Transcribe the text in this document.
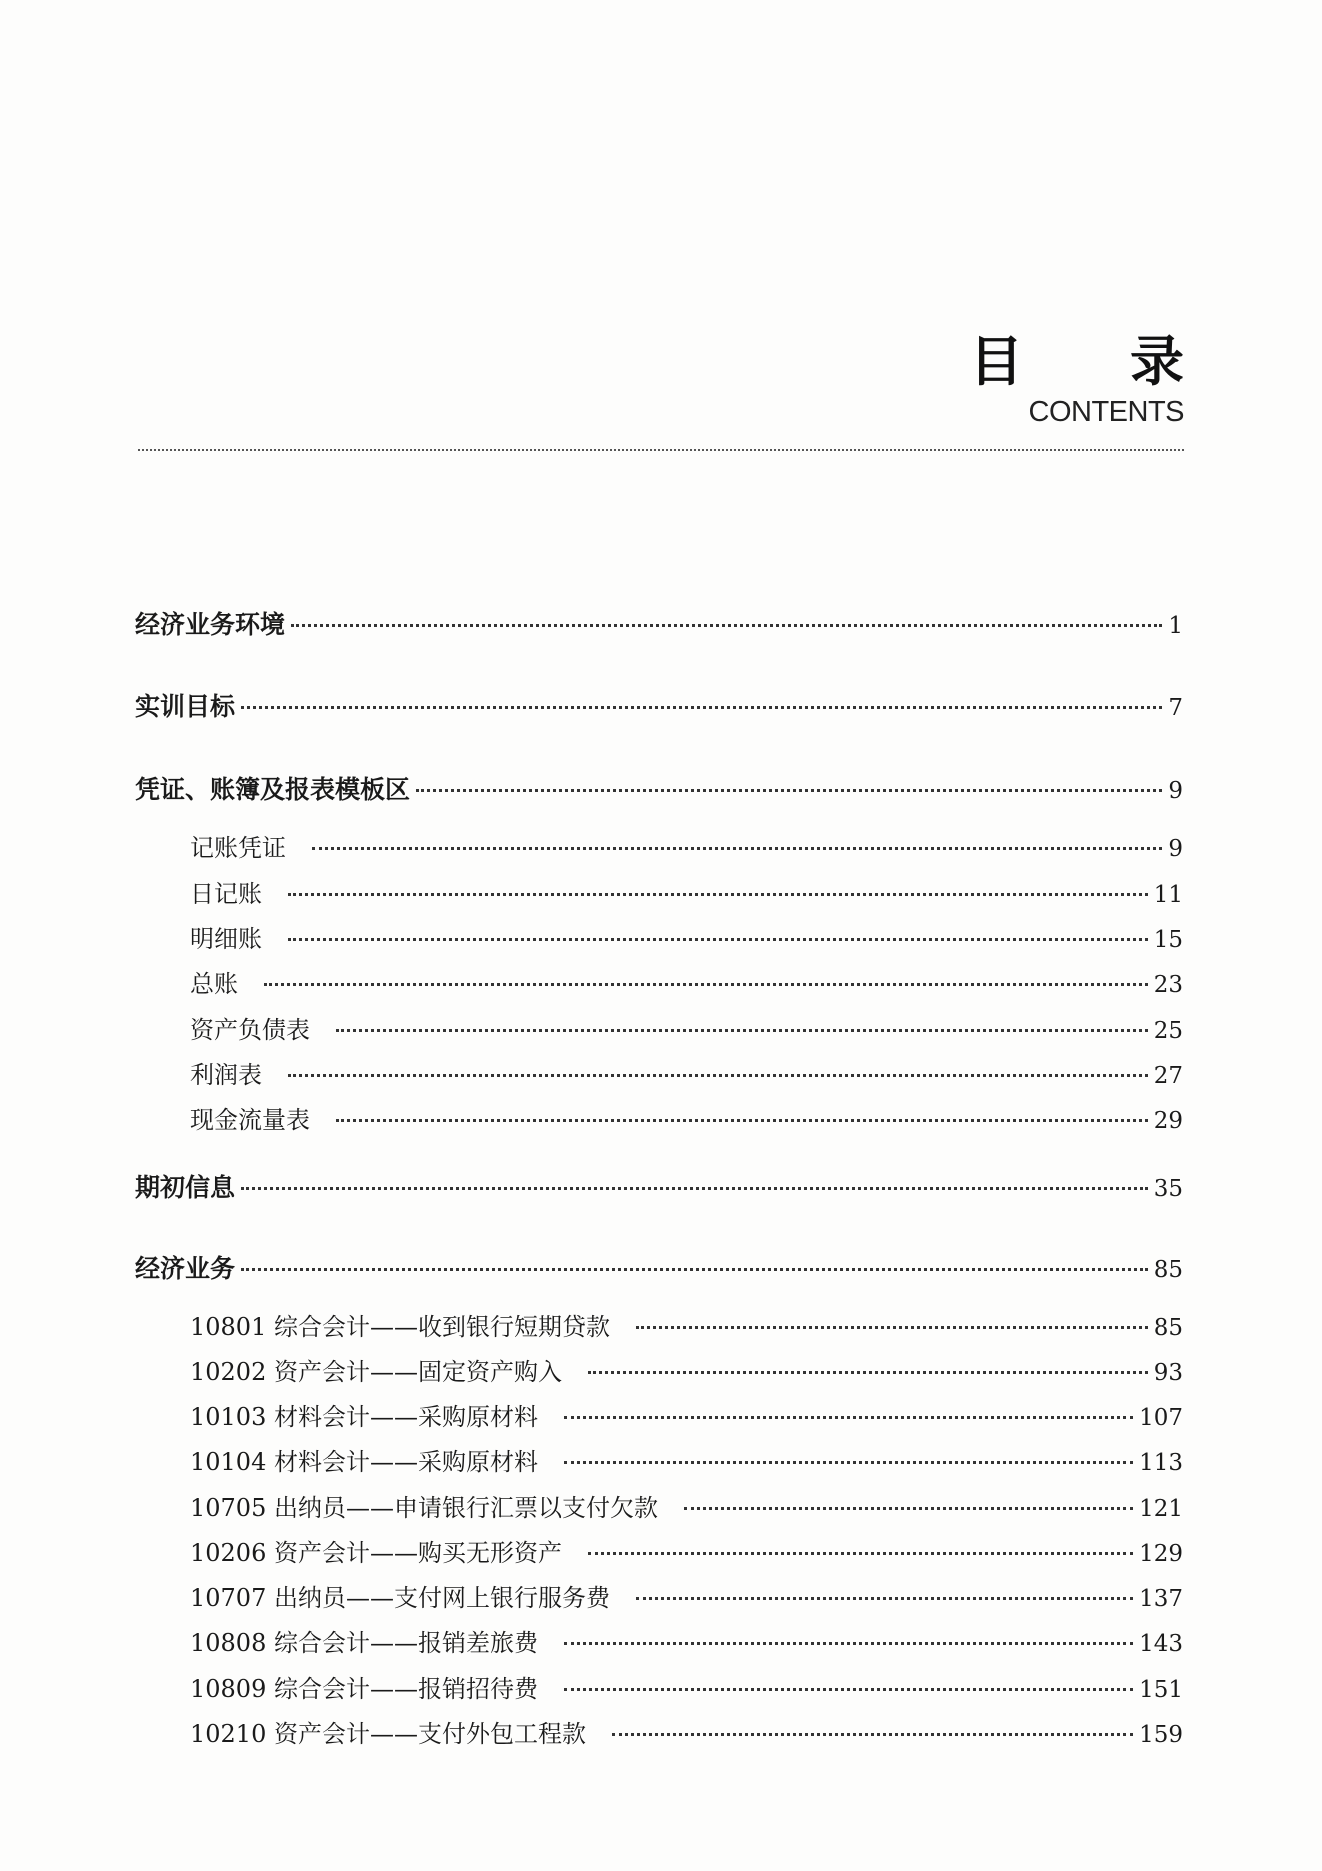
目 录
CONTENTS
经济业务环境	1
实训目标	7
凭证、账簿及报表模板区	9
记账凭证	9
日记账	11
明细账	15
总账	23
资产负债表	25
利润表	27
现金流量表	29
期初信息	35
经济业务	85
10801 综合会计——收到银行短期贷款	85
10202 资产会计——固定资产购入	93
10103 材料会计——采购原材料	107
10104 材料会计——采购原材料	113
10705 出纳员——申请银行汇票以支付欠款	121
10206 资产会计——购买无形资产	129
10707 出纳员——支付网上银行服务费	137
10808 综合会计——报销差旅费	143
10809 综合会计——报销招待费	151
10210 资产会计——支付外包工程款	159
